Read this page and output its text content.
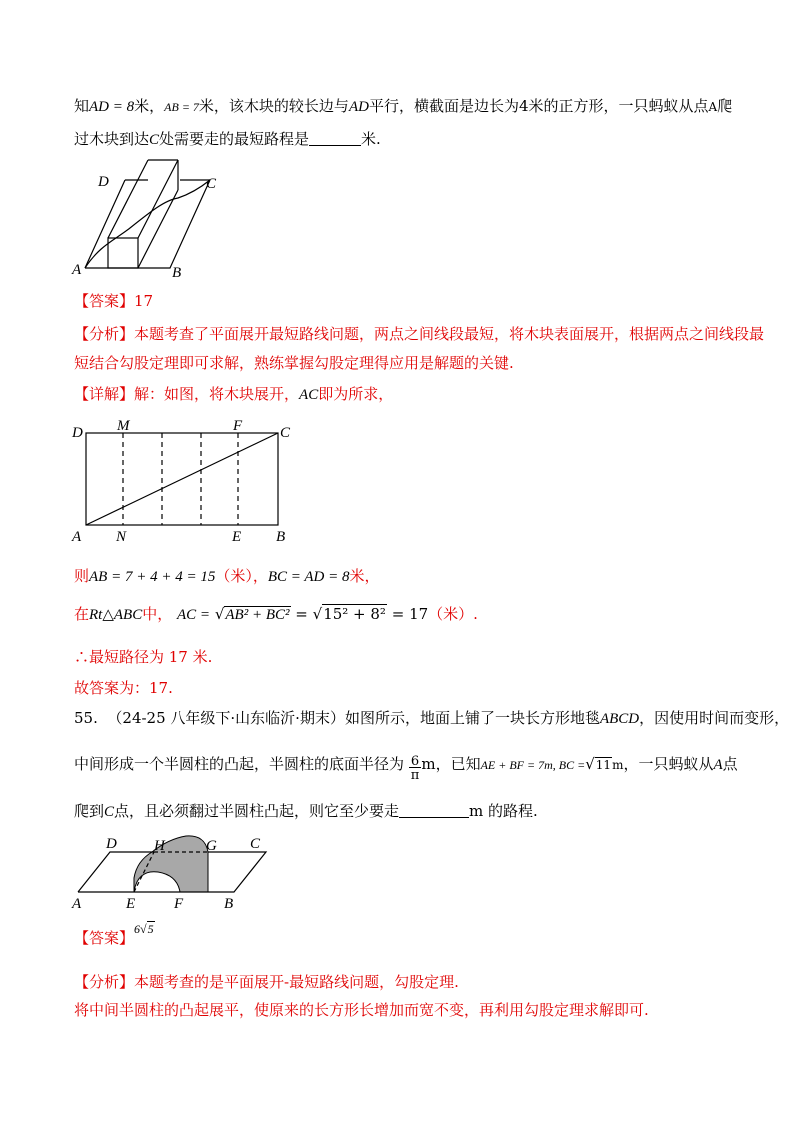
知AD = 8米，AB = 7米，该木块的较长边与AD平行，横截面是边长为4米的正方形，一只蚂蚁从点A爬
过木块到达C处需要走的最短路程是	米.
D	C
A	B
【答案】17
【分析】本题考查了平面展开最短路线问题，两点之间线段最短，将木块表面展开，根据两点之间线段最
短结合勾股定理即可求解，熟练掌握勾股定理得应用是解题的关键.
【详解】解：如图，将木块展开，AC即为所求，
D M	F	C
A N	E B
则AB = 7 + 4 + 4 = 15（米），BC = AD = 8米，
在Rt△ABC中， AC = √AB² + BC² = √15² + 8² = 17（米）.
∴最短路径为 17 米.
故答案为：17.
55. （24-25 八年级下·山东临沂·期末）如图所示，地面上铺了一块长方形地毯ABCD，因使用时间而变形，
中间形成一个半圆柱的凸起，半圆柱的底面半径为 $\frac{6}{\pi}m$，已知AE + BF = 7m, BC =√11m，一只蚂蚁从A点
爬到C点，且必须翻过半圆柱凸起，则它至少要走	m 的路程.
D H	G C
A	E	F	B
【答案】$^{6√5}$
【分析】本题考查的是平面展开-最短路线问题，勾股定理.
将中间半圆柱的凸起展平，使原来的长方形长增加而宽不变，再利用勾股定理求解即可.
